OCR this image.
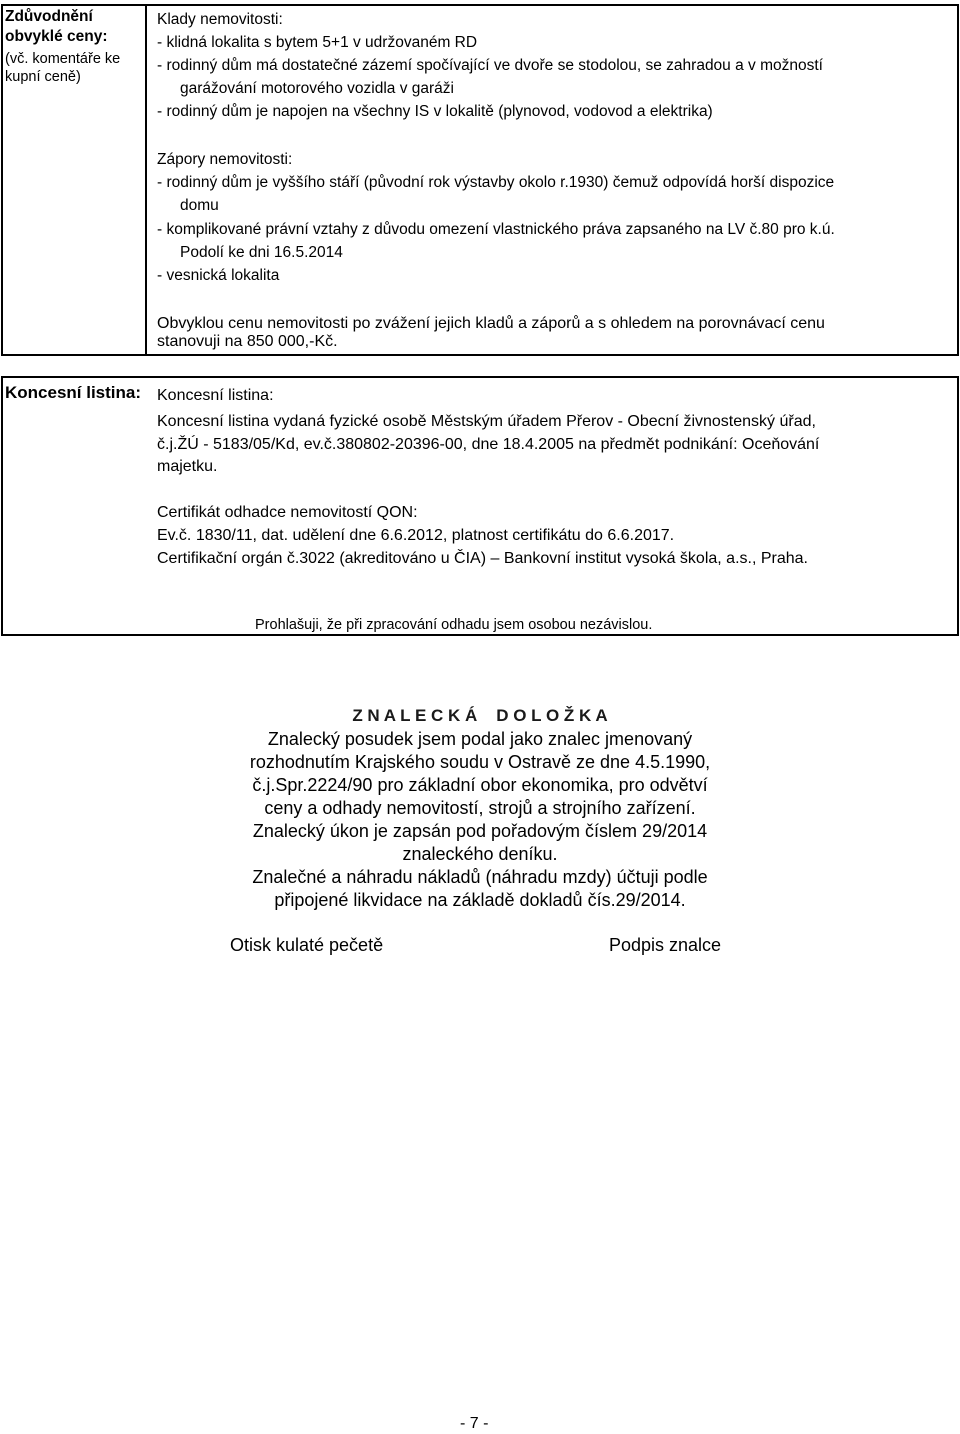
Zdůvodnění obvyklé ceny:
(vč. komentáře ke
kupní ceně)
Klady nemovitosti:
- klidná lokalita s bytem 5+1 v udržovaném RD
- rodinný dům má dostatečné zázemí spočívající ve dvoře se stodolou, se zahradou a v možností
garážování motorového vozidla v garáži
- rodinný dům je napojen na všechny IS v lokalitě (plynovod, vodovod a elektrika)
Zápory nemovitosti:
- rodinný dům je vyššího stáří (původní rok výstavby okolo r.1930) čemuž odpovídá horší dispozice
domu
- komplikované právní vztahy z důvodu omezení vlastnického práva zapsaného na LV č.80 pro k.ú.
Podolí ke dni 16.5.2014
- vesnická lokalita
Obvyklou cenu nemovitosti po zvážení jejich kladů a záporů a s ohledem na porovnávací cenu
stanovuji na 850 000,-Kč.
Koncesní listina: Koncesní listina:
Koncesní listina vydaná fyzické osobě Městským úřadem Přerov - Obecní živnostenský úřad,
č.j.ŽÚ - 5183/05/Kd, ev.č.380802-20396-00, dne 18.4.2005 na předmět podnikání: Oceňování
majetku.
Certifikát odhadce nemovitostí QON:
Ev.č. 1830/11, dat. udělení dne 6.6.2012, platnost certifikátu do 6.6.2017.
Certifikační orgán č.3022 (akreditováno u ČIA) – Bankovní institut vysoká škola, a.s., Praha.
Prohlašuji, že při zpracování odhadu jsem osobou nezávislou.
Z N A L E C K Á    D O L O Ž K A
Znalecký posudek jsem podal jako znalec jmenovaný
rozhodnutím Krajského soudu v Ostravě ze dne 4.5.1990,
č.j.Spr.2224/90 pro základní obor ekonomika, pro odvětví
ceny a odhady nemovitostí, strojů a strojního zařízení.
Znalecký úkon je zapsán pod pořadovým číslem 29/2014
znaleckého deníku.
Znalečné a náhradu nákladů (náhradu mzdy) účtuji podle
připojené likvidace na základě dokladů čís.29/2014.
Otisk kulaté pečetě	Podpis znalce
- 7 -
